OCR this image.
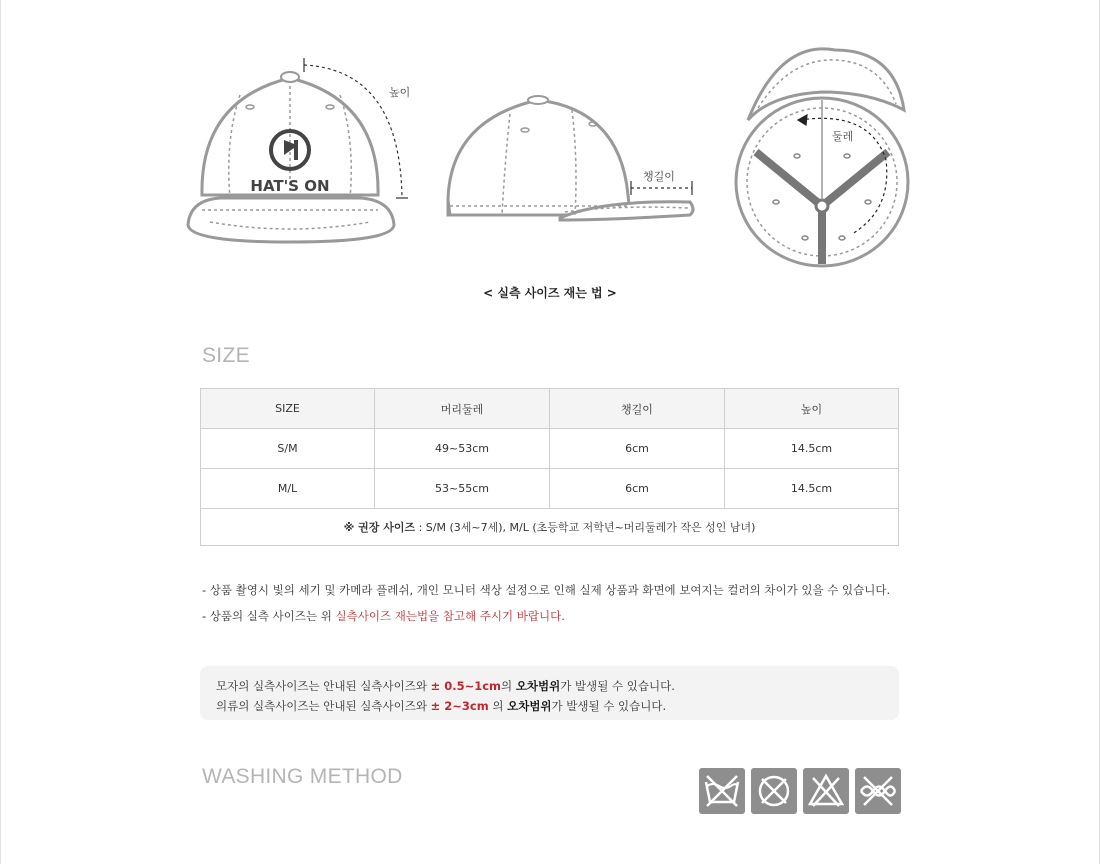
HAT'S ON
높이
챙길이
둘레
< 실측 사이즈 재는 법 >
SIZE
SIZE	머리둘레	챙길이	높이
S/M	49~53cm	6cm	14.5cm
M/L	53~55cm	6cm	14.5cm
※ 권장 사이즈 : S/M (3세~7세), M/L (초등학교 저학년~머리둘레가 작은 성인 남녀)			
- 상품 촬영시 빛의 세기 및 카메라 플레쉬, 개인 모니터 색상 설정으로 인해 실제 상품과 화면에 보여지는 컬러의 차이가 있을 수 있습니다.
- 상품의 실측 사이즈는 위 실측사이즈 재는법을 참고해 주시기 바랍니다.
모자의 실측사이즈는 안내된 실측사이즈와 ± 0.5~1cm의 오차범위가 발생될 수 있습니다.
의류의 실측사이즈는 안내된 실측사이즈와 ± 2~3cm 의 오차범위가 발생될 수 있습니다.
WASHING METHOD
